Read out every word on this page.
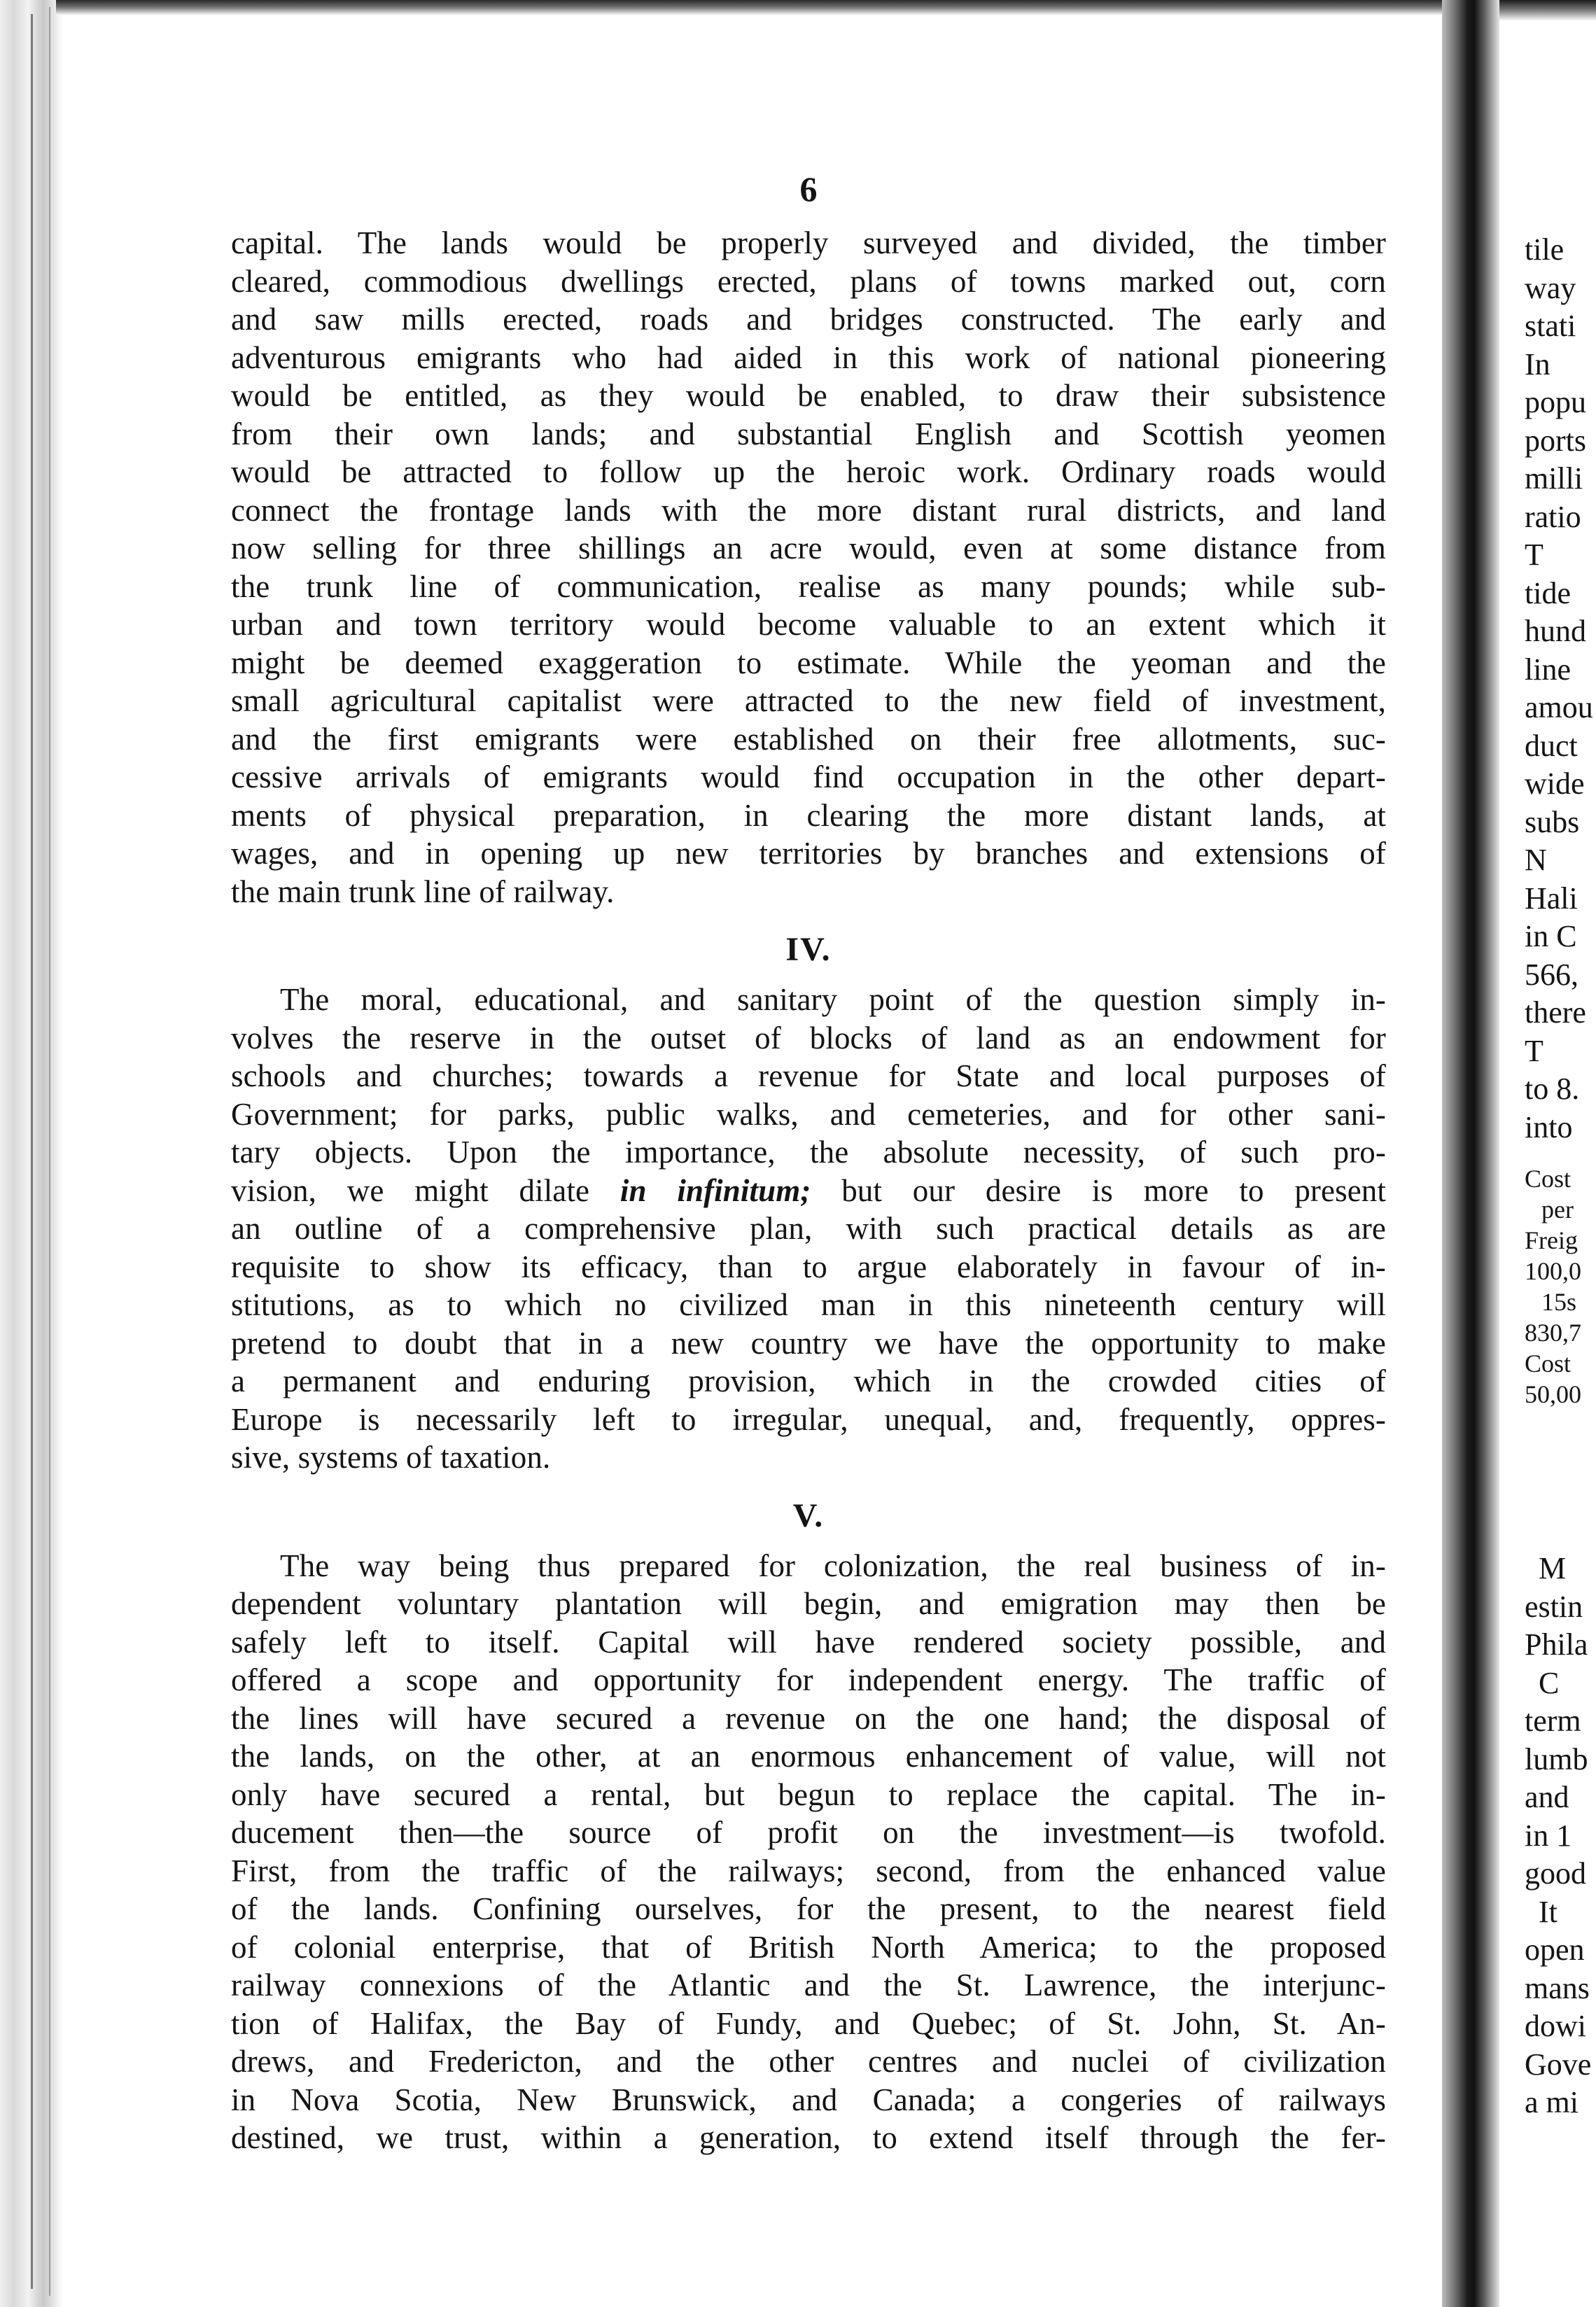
6
capital. The lands would be properly surveyed and divided, the timber
cleared, commodious dwellings erected, plans of towns marked out, corn
and saw mills erected, roads and bridges constructed. The early and
adventurous emigrants who had aided in this work of national pioneering
would be entitled, as they would be enabled, to draw their subsistence
from their own lands; and substantial English and Scottish yeomen
would be attracted to follow up the heroic work. Ordinary roads would
connect the frontage lands with the more distant rural districts, and land
now selling for three shillings an acre would, even at some distance from
the trunk line of communication, realise as many pounds; while sub-
urban and town territory would become valuable to an extent which it
might be deemed exaggeration to estimate. While the yeoman and the
small agricultural capitalist were attracted to the new field of investment,
and the first emigrants were established on their free allotments, suc-
cessive arrivals of emigrants would find occupation in the other depart-
ments of physical preparation, in clearing the more distant lands, at
wages, and in opening up new territories by branches and extensions of
the main trunk line of railway.
IV.
The moral, educational, and sanitary point of the question simply in-
volves the reserve in the outset of blocks of land as an endowment for
schools and churches; towards a revenue for State and local purposes of
Government; for parks, public walks, and cemeteries, and for other sani-
tary objects. Upon the importance, the absolute necessity, of such pro-
vision, we might dilate in infinitum; but our desire is more to present
an outline of a comprehensive plan, with such practical details as are
requisite to show its efficacy, than to argue elaborately in favour of in-
stitutions, as to which no civilized man in this nineteenth century will
pretend to doubt that in a new country we have the opportunity to make
a permanent and enduring provision, which in the crowded cities of
Europe is necessarily left to irregular, unequal, and, frequently, oppres-
sive, systems of taxation.
V.
The way being thus prepared for colonization, the real business of in-
dependent voluntary plantation will begin, and emigration may then be
safely left to itself. Capital will have rendered society possible, and
offered a scope and opportunity for independent energy. The traffic of
the lines will have secured a revenue on the one hand; the disposal of
the lands, on the other, at an enormous enhancement of value, will not
only have secured a rental, but begun to replace the capital. The in-
ducement then—the source of profit on the investment—is twofold.
First, from the traffic of the railways; second, from the enhanced value
of the lands. Confining ourselves, for the present, to the nearest field
of colonial enterprise, that of British North America; to the proposed
railway connexions of the Atlantic and the St. Lawrence, the interjunc-
tion of Halifax, the Bay of Fundy, and Quebec; of St. John, St. An-
drews, and Fredericton, and the other centres and nuclei of civilization
in Nova Scotia, New Brunswick, and Canada; a congeries of railways
destined, we trust, within a generation, to extend itself through the fer-
tile
way
stati
In
popu
ports
milli
ratio
T
tide
hund
line
amou
duct
wide
subs
N
Hali
in C
566,
there
T
to 8.
into
Cost
per
Freig
100,0
15s
830,7
Cost
50,00
M
estin
Phila
C
term
lumb
and
in 1
good
It
open
mans
dowi
Gove
a mi
